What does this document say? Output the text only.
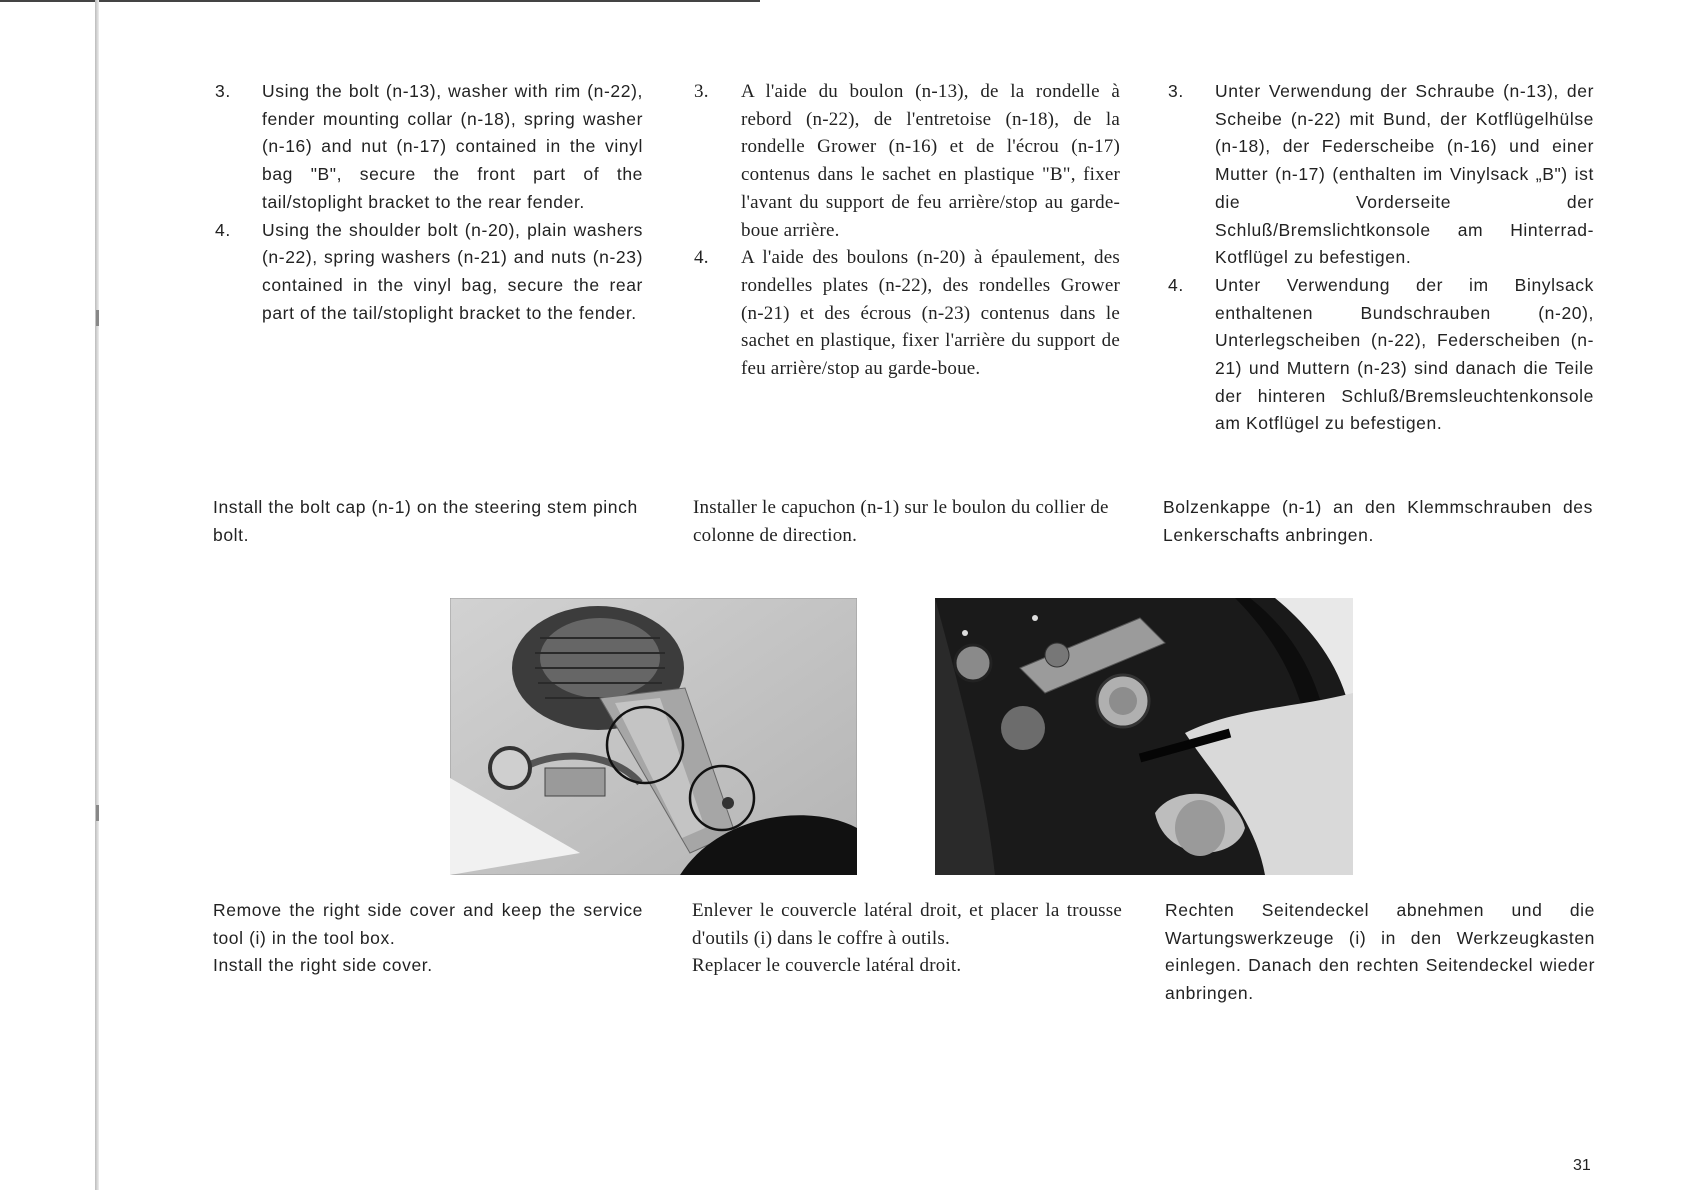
3.	Using the bolt (n-13), washer with rim (n-22), fender mounting collar (n-18), spring washer (n-16) and nut (n-17) contained in the vinyl bag "B", secure the front part of the tail/stoplight bracket to the rear fender.
4.	Using the shoulder bolt (n-20), plain washers (n-22), spring washers (n-21) and nuts (n-23) contained in the vinyl bag, secure the rear part of the tail/stoplight bracket to the fender.

Install the bolt cap (n-1) on the steering stem pinch bolt.

Remove the right side cover and keep the service tool (i) in the tool box.

Install the right side cover.

3.	A l'aide du boulon (n-13), de la rondelle à rebord (n-22), de l'entretoise (n-18), de la rondelle Grower (n-16) et de l'écrou (n-17) contenus dans le sachet en plastique "B", fixer l'avant du support de feu arrière/stop au garde-boue arrière.
4.	A l'aide des boulons (n-20) à épaulement, des rondelles plates (n-22), des rondelles Grower (n-21) et des écrous (n-23) contenus dans le sachet en plastique, fixer l'arrière du support de feu arrière/stop au garde-boue.

Installer le capuchon (n-1) sur le boulon du collier de colonne de direction.

Enlever le couvercle latéral droit, et placer la trousse d'outils (i) dans le coffre à outils.

Replacer le couvercle latéral droit.

3.	Unter Verwendung der Schraube (n-13), der Scheibe (n-22) mit Bund, der Kotflügelhülse (n-18), der Federscheibe (n-16) und einer Mutter (n-17) (enthalten im Vinylsack „B") ist die Vorderseite der Schluß/Bremslichtkonsole am Hinterrad-Kotflügel zu befestigen.
4.	Unter Verwendung der im Binylsack enthaltenen Bundschrauben (n-20), Unterlegscheiben (n-22), Federscheiben (n-21) und Muttern (n-23) sind danach die Teile der hinteren Schluß/Bremsleuchtenkonsole am Kotflügel zu befestigen.

Bolzenkappe (n-1) an den Klemmschrauben des Lenkerschafts anbringen.

Rechten Seitendeckel abnehmen und die Wartungswerkzeuge (i) in den Werkzeugkasten einlegen. Danach den rechten Seitendeckel wieder anbringen.

31
